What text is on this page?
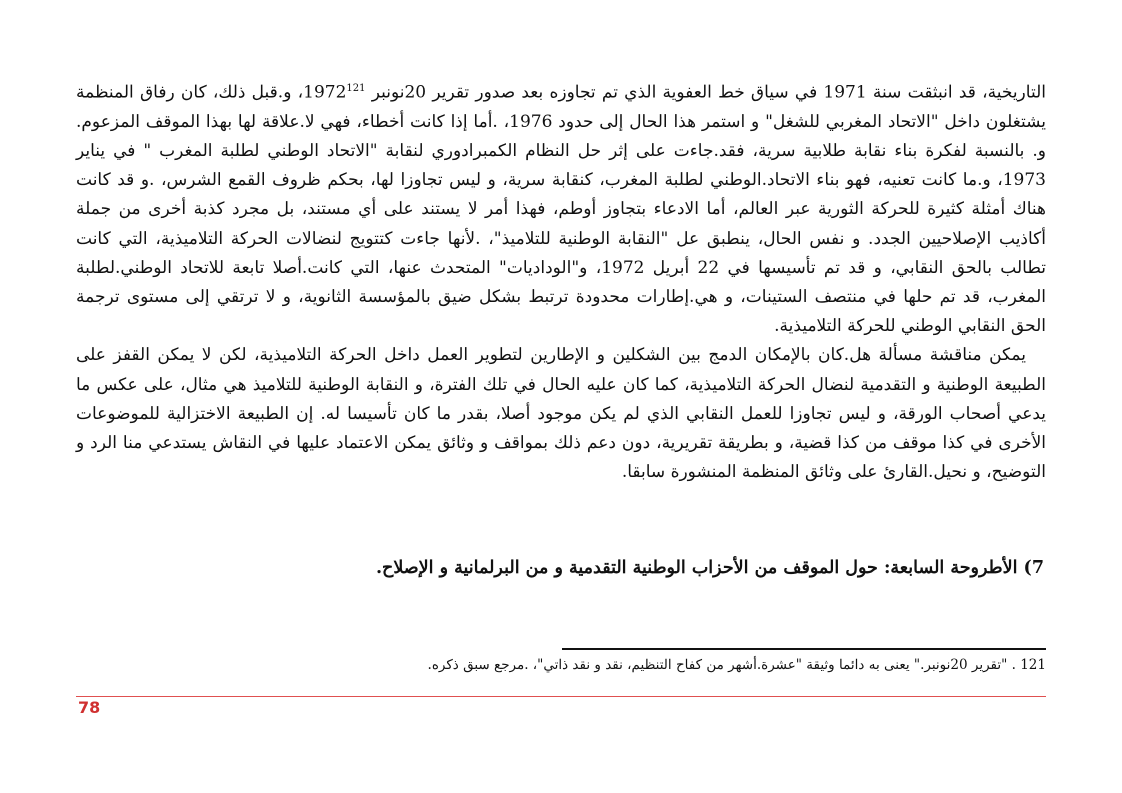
التاريخية، قد انبثقت سنة 1971 في سياق خط العفوية الذي تم تجاوزه بعد صدور تقرير 20نونبر 1972$^{121}$، و.قبل ذلك، كان رفاق المنظمة يشتغلون داخل "الاتحاد المغربي للشغل" و استمر هذا الحال إلى حدود 1976، .أما إذا كانت أخطاء، فهي لا.علاقة لها بهذا الموقف المزعوم. و. بالنسبة لفكرة بناء نقابة طلابية سرية، فقد.جاءت على إثر حل النظام الكمبرادوري لنقابة "الاتحاد الوطني لطلبة المغرب " في يناير 1973، و.ما كانت تعنيه، فهو بناء الاتحاد.الوطني لطلبة المغرب، كنقابة سرية، و ليس تجاوزا لها، بحكم ظروف القمع الشرس، .و قد كانت هناك أمثلة كثيرة للحركة الثورية عبر العالم، أما الادعاء بتجاوز أوطم، فهذا أمر لا يستند على أي مستند، بل مجرد كذبة أخرى من جملة أكاذيب الإصلاحيين الجدد. و نفس الحال، ينطبق عل "النقابة الوطنية للتلاميذ"، .لأنها جاءت كتتويج لنضالات الحركة التلاميذية، التي كانت تطالب بالحق النقابي، و قد تم تأسيسها في 22 أبريل 1972، و"الوداديات" المتحدث عنها، التي كانت.أصلا تابعة للاتحاد الوطني.لطلبة المغرب، قد تم حلها في منتصف الستينات، و هي.إطارات محدودة ترتبط بشكل ضيق بالمؤسسة الثانوية، و لا ترتقي إلى مستوى ترجمة الحق النقابي الوطني للحركة التلاميذية.

يمكن مناقشة مسألة هل.كان بالإمكان الدمج بين الشكلين و الإطارين لتطوير العمل داخل الحركة التلاميذية، لكن لا يمكن القفز على الطبيعة الوطنية و التقدمية لنضال الحركة التلاميذية، كما كان عليه الحال في تلك الفترة، و النقابة الوطنية للتلاميذ هي مثال، على عكس ما يدعي أصحاب الورقة، و ليس تجاوزا للعمل النقابي الذي لم يكن موجود أصلا، بقدر ما كان تأسيسا له. إن الطبيعة الاختزالية للموضوعات الأخرى في كذا موقف من كذا قضية، و بطريقة تقريرية، دون دعم ذلك بمواقف و وثائق يمكن الاعتماد عليها في النقاش يستدعي منا الرد و التوضيح، و نحيل.القارئ على وثائق المنظمة المنشورة سابقا.

7) الأطروحة السابعة: حول الموقف من الأحزاب الوطنية التقدمية و من البرلمانية و الإصلاح.

121 . "تقرير 20نونبر." يعنى به دائما وثيقة "عشرة.أشهر من كفاح التنظيم، نقد و نقد ذاتي"، .مرجع سبق ذكره.

78
